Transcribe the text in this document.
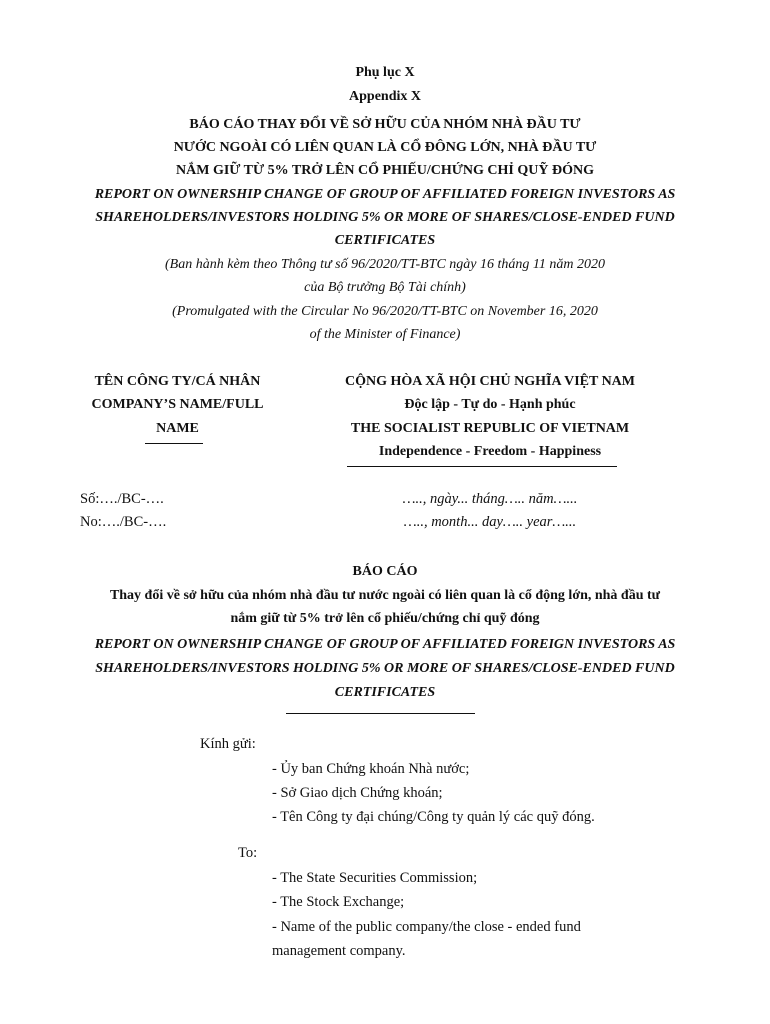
Phụ lục X
Appendix X
BÁO CÁO THAY ĐỔI VỀ SỞ HỮU CỦA NHÓM NHÀ ĐẦU TƯ
NƯỚC NGOÀI CÓ LIÊN QUAN LÀ CỔ ĐÔNG LỚN, NHÀ ĐẦU TƯ
NẮM GIỮ TỪ 5% TRỞ LÊN CỔ PHIẾU/CHỨNG CHỈ QUỸ ĐÓNG
REPORT ON OWNERSHIP CHANGE OF GROUP OF AFFILIATED FOREIGN INVESTORS AS
SHAREHOLDERS/INVESTORS HOLDING 5% OR MORE OF SHARES/CLOSE-ENDED FUND
CERTIFICATES
(Ban hành kèm theo Thông tư số 96/2020/TT-BTC ngày 16 tháng 11 năm 2020
của Bộ trưởng Bộ Tài chính)
(Promulgated with the Circular No 96/2020/TT-BTC on November 16, 2020
of the Minister of Finance)
TÊN CÔNG TY/CÁ NHÂN
COMPANY’S NAME/FULL
NAME
CỘNG HÒA XÃ HỘI CHỦ NGHĨA VIỆT NAM
Độc lập - Tự do - Hạnh phúc
THE SOCIALIST REPUBLIC OF VIETNAM
Independence - Freedom - Happiness
Số:…./BC-….
No:…./BC-….
….., ngày... tháng….. năm…...
….., month... day….. year…...
BÁO CÁO
Thay đổi về sở hữu của nhóm nhà đầu tư nước ngoài có liên quan là cổ động lớn, nhà đầu tư
nắm giữ từ 5% trở lên cổ phiếu/chứng chỉ quỹ đóng
REPORT ON OWNERSHIP CHANGE OF GROUP OF AFFILIATED FOREIGN INVESTORS AS
SHAREHOLDERS/INVESTORS HOLDING 5% OR MORE OF SHARES/CLOSE-ENDED FUND
CERTIFICATES
Kính gửi:
- Ủy ban Chứng khoán Nhà nước;
- Sở Giao dịch Chứng khoán;
- Tên Công ty đại chúng/Công ty quản lý các quỹ đóng.
To:
- The State Securities Commission;
- The Stock Exchange;
- Name of the public company/the close - ended fund
management company.
